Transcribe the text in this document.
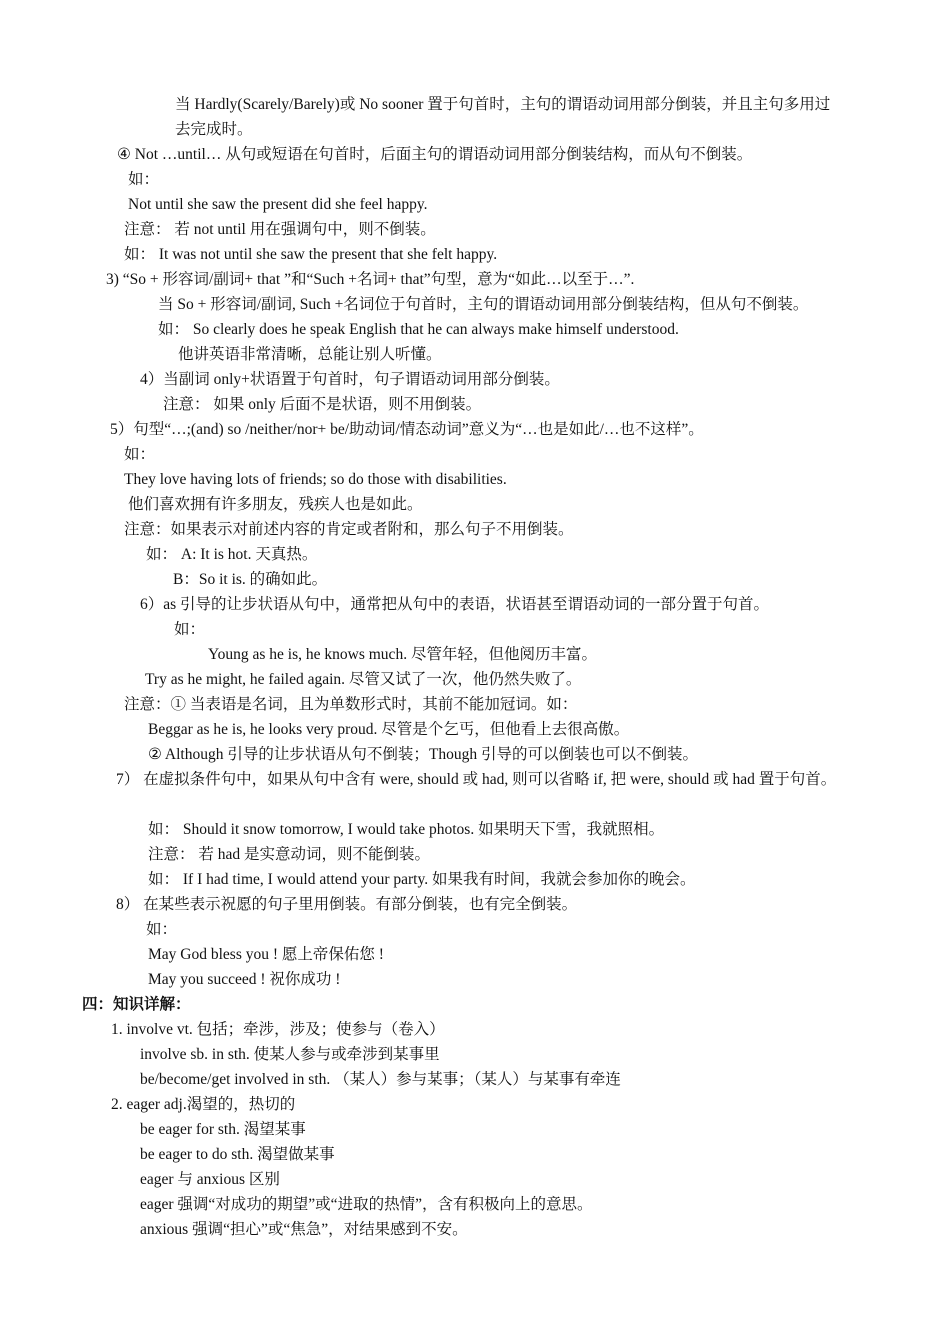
当 Hardly(Scarely/Barely)或 No sooner 置于句首时，主句的谓语动词用部分倒装，并且主句多用过
去完成时。
④ Not …until… 从句或短语在句首时，后面主句的谓语动词用部分倒装结构，而从句不倒装。
如：
Not until she saw the present did she feel happy.
注意： 若 not until 用在强调句中，则不倒装。
如： It was not until she saw the present that she felt happy.
3) “So + 形容词/副词+ that ”和“Such +名词+ that”句型，意为“如此…以至于…”.
当 So + 形容词/副词, Such +名词位于句首时，主句的谓语动词用部分倒装结构，但从句不倒装。
如： So clearly does he speak English that he can always make himself understood.
他讲英语非常清晰，总能让别人听懂。
4）当副词 only+状语置于句首时，句子谓语动词用部分倒装。
注意： 如果 only 后面不是状语，则不用倒装。
5）句型“…;(and) so /neither/nor+ be/助动词/情态动词”意义为“…也是如此/…也不这样”。
如：
They love having lots of friends; so do those with disabilities.
他们喜欢拥有许多朋友，残疾人也是如此。
注意：如果表示对前述内容的肯定或者附和，那么句子不用倒装。
如： A: It is hot. 天真热。
B：So it is. 的确如此。
6）as 引导的让步状语从句中，通常把从句中的表语，状语甚至谓语动词的一部分置于句首。
如：
Young as he is, he knows much. 尽管年轻，但他阅历丰富。
Try as he might, he failed again. 尽管又试了一次，他仍然失败了。
注意：① 当表语是名词，且为单数形式时，其前不能加冠词。如：
Beggar as he is, he looks very proud. 尽管是个乞丐，但他看上去很高傲。
② Although 引导的让步状语从句不倒装；Though 引导的可以倒装也可以不倒装。
7） 在虚拟条件句中，如果从句中含有 were, should 或 had, 则可以省略 if, 把 were, should 或 had 置于句首。
如： Should it snow tomorrow, I would take photos. 如果明天下雪，我就照相。
注意： 若 had 是实意动词，则不能倒装。
如： If I had time, I would attend your party. 如果我有时间，我就会参加你的晚会。
8） 在某些表示祝愿的句子里用倒装。有部分倒装，也有完全倒装。
如：
May God bless you ! 愿上帝保佑您 !
May you succeed ! 祝你成功 !
四：知识详解：
1. involve vt. 包括；牵涉，涉及；使参与（卷入）
involve sb. in sth. 使某人参与或牵涉到某事里
be/become/get involved in sth. （某人）参与某事；（某人）与某事有牵连
2. eager adj.渴望的，热切的
be eager for sth. 渴望某事
be eager to do sth. 渴望做某事
eager 与 anxious 区别
eager 强调“对成功的期望”或“进取的热情”，含有积极向上的意思。
anxious 强调“担心”或“焦急”，对结果感到不安。
